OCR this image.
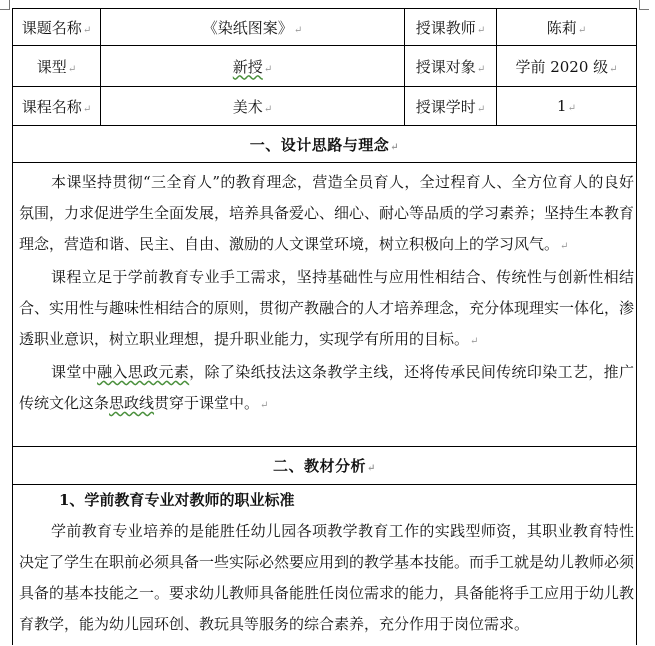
课题名称↵	《染纸图案》↵	授课教师↵	陈莉↵
课型↵	新授↵	授课对象↵	学前 2020 级↵
课程名称↵	美术↵	授课学时↵	1↵
一、设计思路与理念↵			

本课坚持贯彻“三全育人”的教育理念，营造全员育人，全过程育人、全方位育人的良好氛围，力求促进学生全面发展，培养具备爱心、细心、耐心等品质的学习素养；坚持生本教育理念，营造和谐、民主、自由、激励的人文课堂环境，树立积极向上的学习风气。↵

课程立足于学前教育专业手工需求，坚持基础性与应用性相结合、传统性与创新性相结合、实用性与趣味性相结合的原则，贯彻产教融合的人才培养理念，充分体现理实一体化，渗透职业意识，树立职业理想，提升职业能力，实现学有所用的目标。↵

课堂中融入思政元素，除了染纸技法这条教学主线，还将传承民间传统印染工艺，推广传统文化这条思政线贯穿于课堂中。↵			

二、教材分析↵			

1、学前教育专业对教师的职业标准

学前教育专业培养的是能胜任幼儿园各项教学教育工作的实践型师资，其职业教育特性决定了学生在职前必须具备一些实际必然要应用到的教学基本技能。而手工就是幼儿教师必须具备的基本技能之一。要求幼儿教师具备能胜任岗位需求的能力，具备能将手工应用于幼儿教育教学，能为幼儿园环创、教玩具等服务的综合素养，充分作用于岗位需求。			
